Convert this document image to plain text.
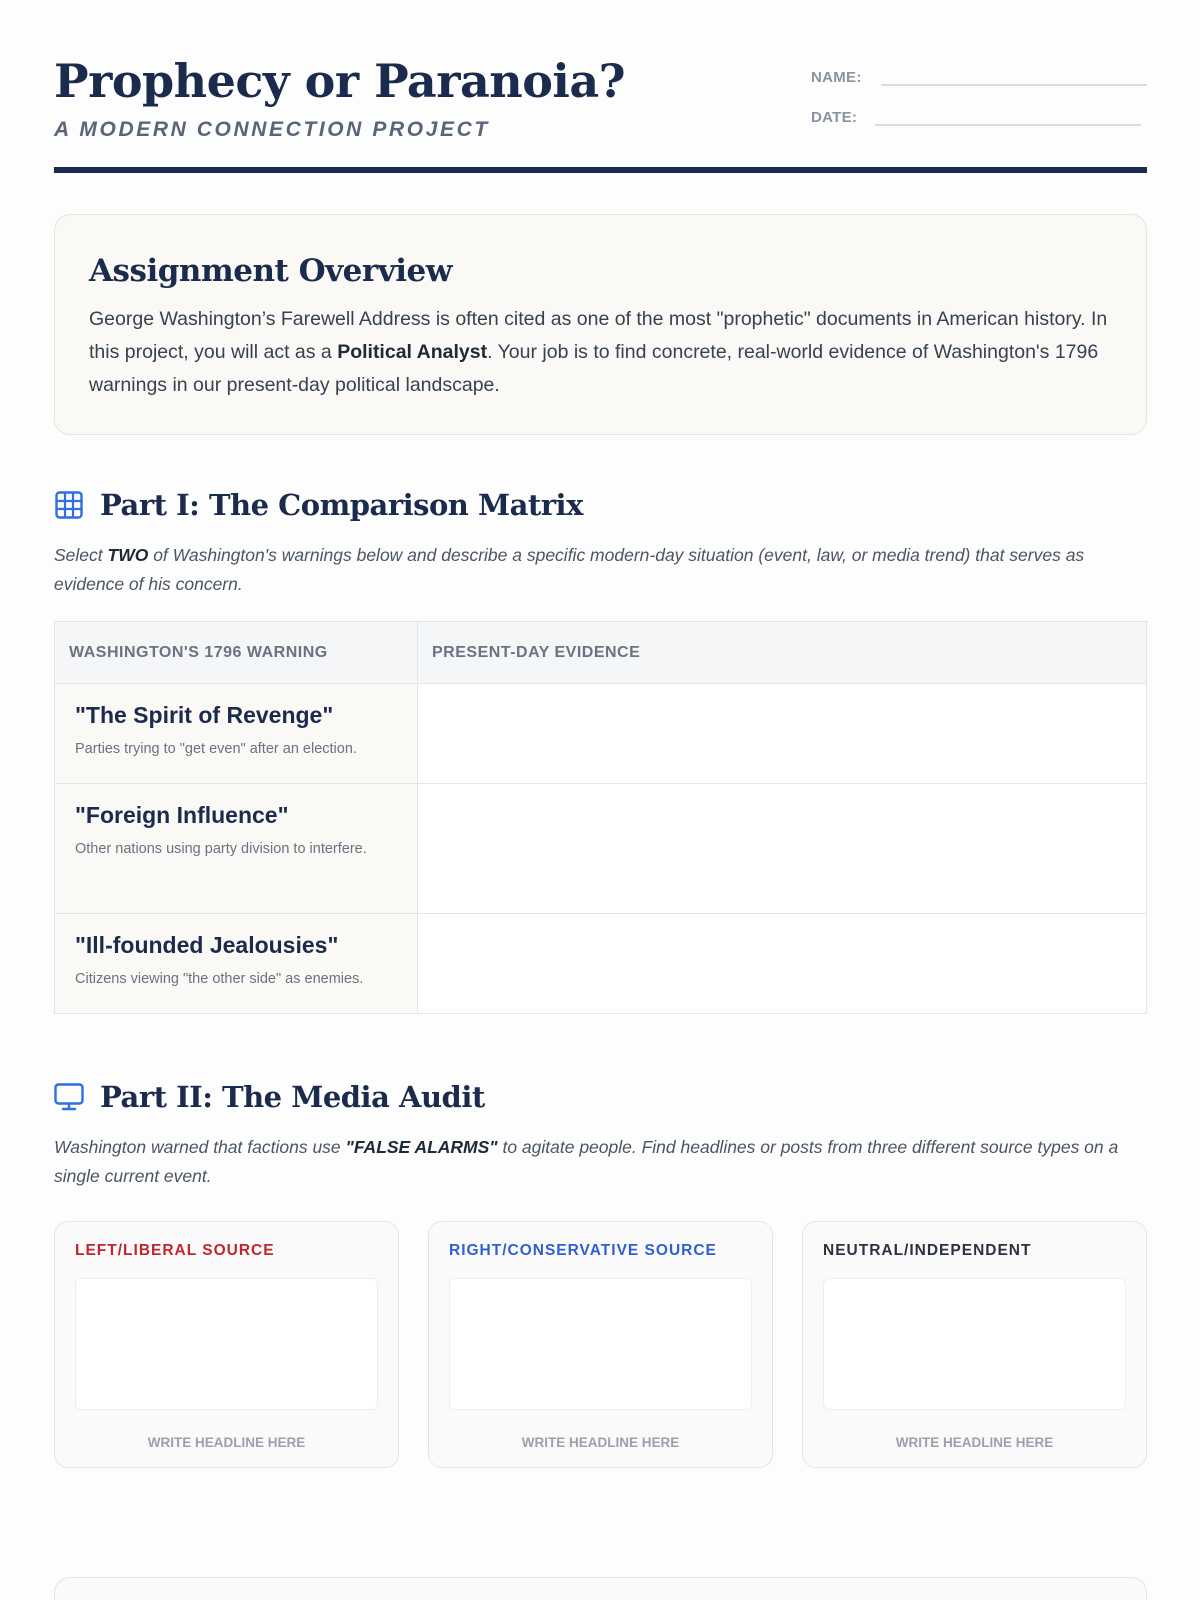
Prophecy or Paranoia?
A MODERN CONNECTION PROJECT
NAME:
DATE:
Assignment Overview

George Washington’s Farewell Address is often cited as one of the most "prophetic" documents in American history. In this project, you will act as a Political Analyst. Your job is to find concrete, real-world evidence of Washington's 1796 warnings in our present-day political landscape.

Part I: The Comparison Matrix
Select TWO of Washington's warnings below and describe a specific modern-day situation (event, law, or media trend) that serves as evidence of his concern.
WASHINGTON'S 1796 WARNING	PRESENT-DAY EVIDENCE

"The Spirit of Revenge"
Parties trying to "get even" after an election.	

"Foreign Influence"
Other nations using party division to interfere.	

"Ill-founded Jealousies"
Citizens viewing "the other side" as enemies.	

Part II: The Media Audit
Washington warned that factions use "FALSE ALARMS" to agitate people. Find headlines or posts from three different source types on a single current event.
LEFT/LIBERAL SOURCE
WRITE HEADLINE HERE
RIGHT/CONSERVATIVE SOURCE
WRITE HEADLINE HERE
NEUTRAL/INDEPENDENT
WRITE HEADLINE HERE
